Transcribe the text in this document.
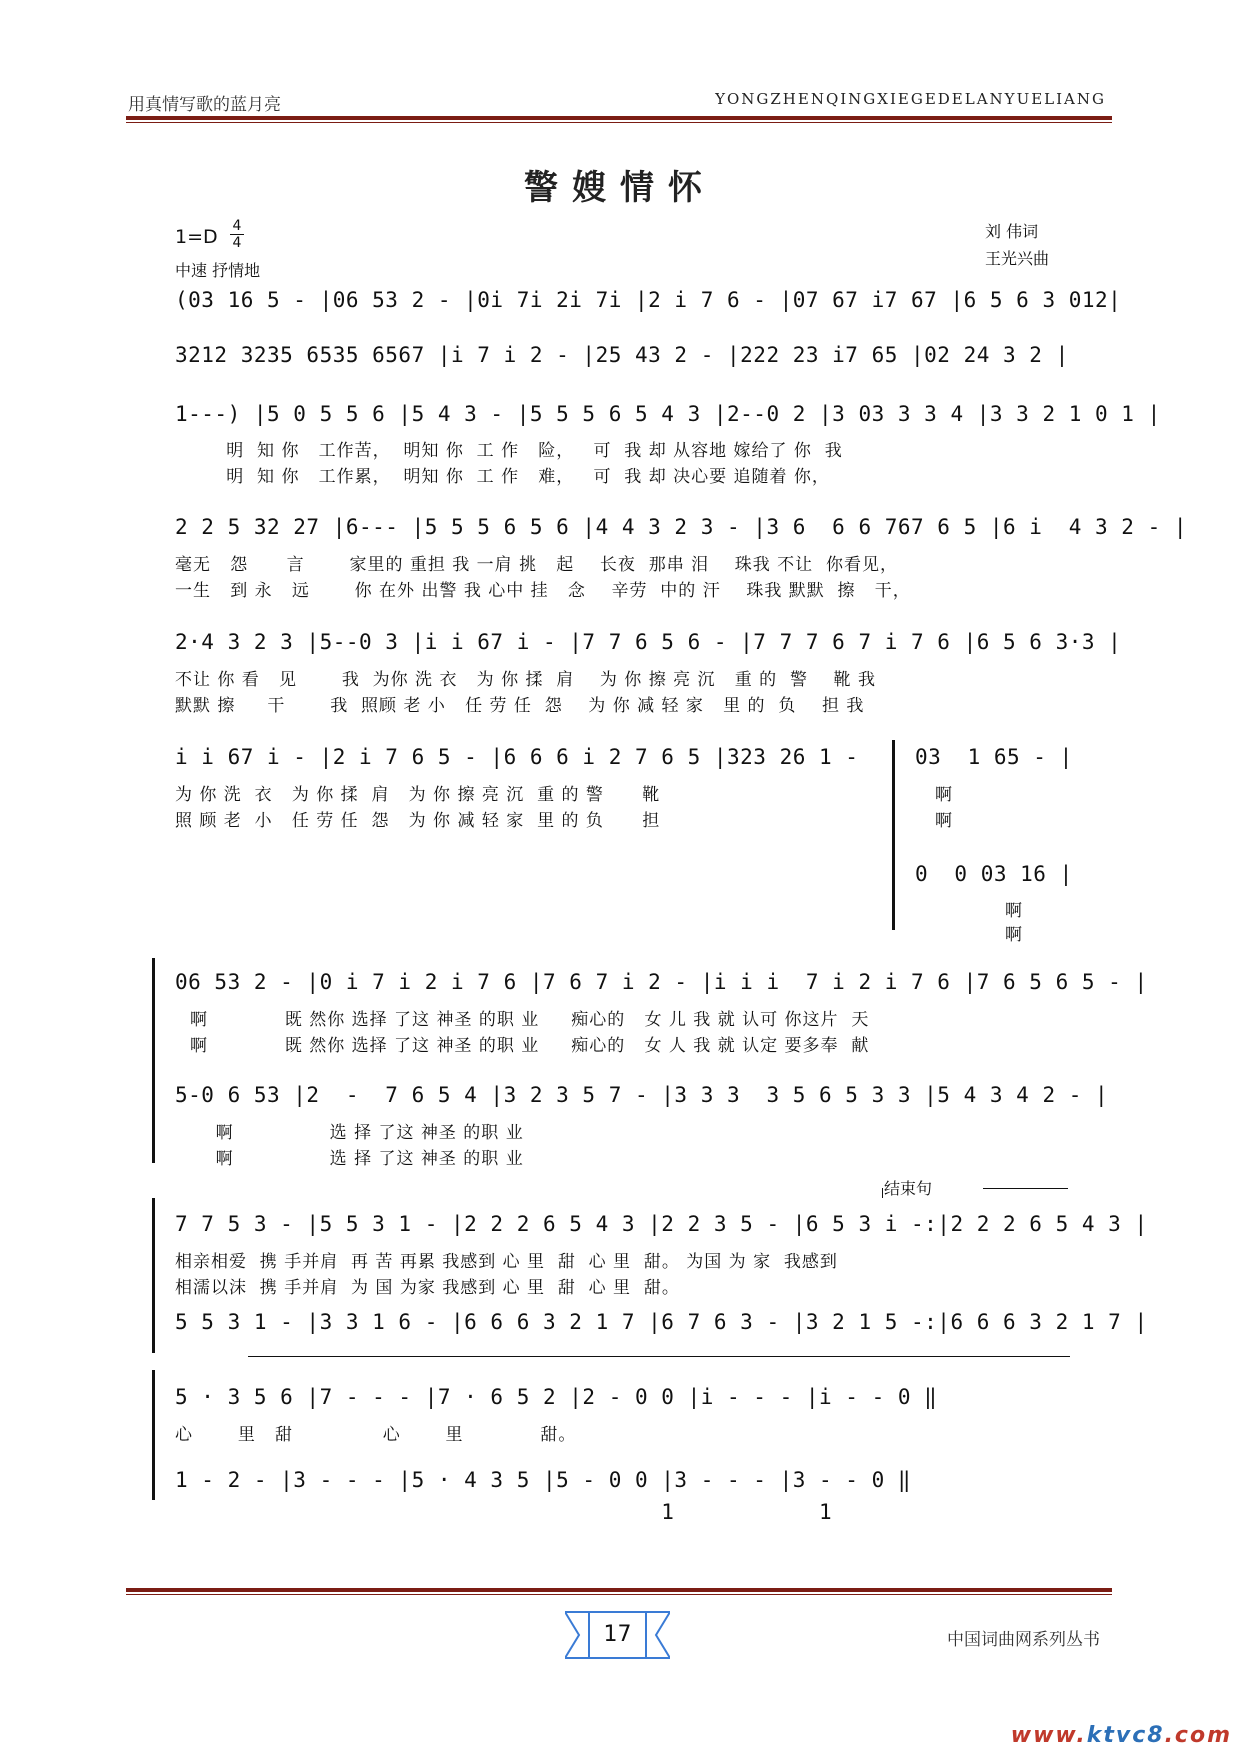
用真情写歌的蓝月亮	YONGZHENQINGXIEGEDELANYUELIANG
警嫂情怀
1=D 4
4
中速 抒情地
刘 伟词
王光兴曲
(03 16 5 - |06 53 2 - |0i 7i 2i 7i |2 i 7 6 - |07 67 i7 67 |6 5 6 3 012|
3212 3235 6535 6567 |i 7 i 2 - |25 43 2 - |222 23 i7 65 |02 24 3 2 |
1---) |5 0 5 5 6 |5 4 3 - |5 5 5 6 5 4 3 |2--0 2 |3 03 3 3 4 |3 3 2 1 0 1 |
明  知 你   工作苦，  明知 你  工 作   险，   可  我 却 从容地 嫁给了 你  我
明  知 你   工作累，  明知 你  工 作   难，   可  我 却 决心要 追随着 你，
2 2 5 32 27 |6--- |5 5 5 6 5 6 |4 4 3 2 3 - |3 6  6 6 767 6 5 |6 i  4 3 2 - |
毫无   怨      言       家里的 重担 我 一肩 挑   起    长夜  那串 泪    珠我 不让  你看见，
一生   到 永   远       你 在外 出警 我 心中 挂   念    辛劳  中的 汗    珠我 默默  擦   干，
2·4 3 2 3 |5--0 3 |i i 67 i - |7 7 6 5 6 - |7 7 7 6 7 i 7 6 |6 5 6 3·3 |
不让 你 看   见       我  为你 洗 衣   为 你 揉  肩    为 你 擦 亮 沉   重 的  警    靴 我
默默 擦     干       我  照顾 老 小   任 劳 任  怨    为 你 减 轻 家   里 的  负    担 我
i i 67 i - |2 i 7 6 5 - |6 6 6 i 2 7 6 5 |323 26 1 - 03  1 65 - |
为 你 洗  衣   为 你 揉  肩   为 你 擦 亮 沉  重 的 警      靴
照 顾 老  小   任 劳 任  怨   为 你 减 轻 家  里 的 负      担
啊
啊
0  0 03 16 |
啊
啊
06 53 2 - |0 i 7 i 2 i 7 6 |7 6 7 i 2 - |i i i  7 i 2 i 7 6 |7 6 5 6 5 - |
啊            既 然你 选择 了这 神圣 的职 业     痴心的   女 儿 我 就 认可 你这片  天
啊            既 然你 选择 了这 神圣 的职 业     痴心的   女 人 我 就 认定 要多奉  献
5-0 6 53 |2  -  7 6 5 4 |3 2 3 5 7 - |3 3 3  3 5 6 5 3 3 |5 4 3 4 2 - |
啊               选 择 了这 神圣 的职 业
啊               选 择 了这 神圣 的职 业
结束句
7 7 5 3 - |5 5 3 1 - |2 2 2 6 5 4 3 |2 2 3 5 - |6 5 3 i -:|2 2 2 6 5 4 3 |
相亲相爱  携 手并肩  再 苦 再累 我感到 心 里  甜  心 里  甜。 为国 为 家  我感到
相濡以沫  携 手并肩  为 国 为家 我感到 心 里  甜  心 里  甜。
5 5 3 1 - |3 3 1 6 - |6 6 6 3 2 1 7 |6 7 6 3 - |3 2 1 5 -:|6 6 6 3 2 1 7 |
5 · 3 5 6 |7 - - - |7 · 6 5 2 |2 - 0 0 |i - - - |i - - 0 ‖
心       里   甜              心       里            甜。
1 - 2 - |3 - - - |5 · 4 3 5 |5 - 0 0 |3 - - - |3 - - 0 ‖
1           1
17	中国词曲网系列丛书
www.ktvc8.com
